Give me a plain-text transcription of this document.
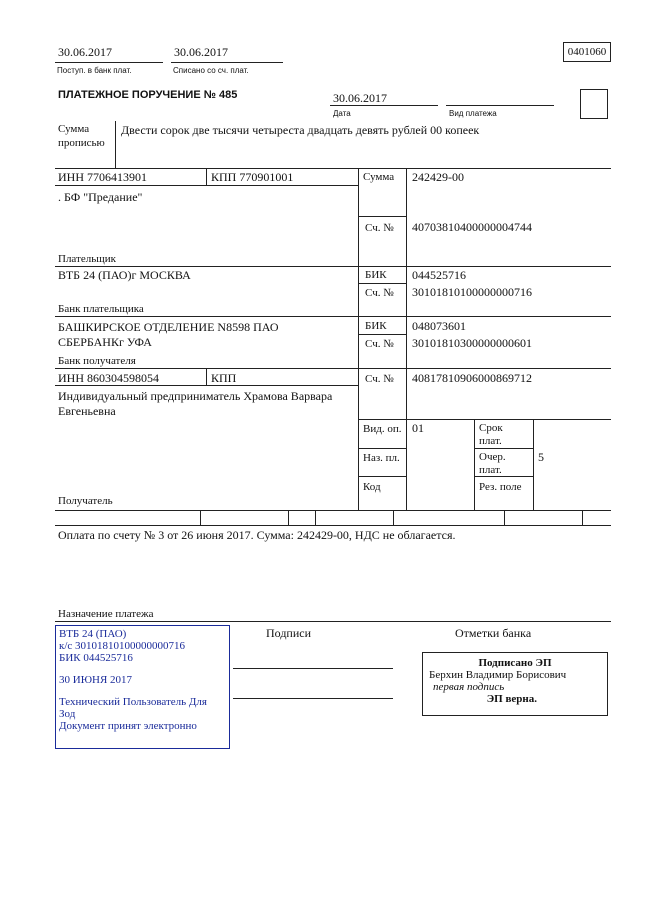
30.06.2017
Поступ. в банк плат.
30.06.2017
Списано со сч. плат.
0401060
ПЛАТЕЖНОЕ ПОРУЧЕНИЕ № 485	30.06.2017
Дата	Вид платежа
Сумма
прописью
Двести сорок две тысячи четыреста двадцать девять рублей 00 копеек
ИНН 7706413901	КПП 770901001
. БФ "Предание"
Плательщик
Сумма 242429-00
Сч. № 40703810400000004744
ВТБ 24 (ПАО)г МОСКВА
Банк плательщика
БИК 044525716
Сч. № 30101810100000000716
БАШКИРСКОЕ ОТДЕЛЕНИЕ N8598 ПАО
СБЕРБАНКг УФА
Банк получателя
БИК 048073601
Сч. № 30101810300000000601
ИНН 860304598054	КПП
Индивидуальный предприниматель Храмова Варвара
Евгеньевна
Получатель
Сч. № 40817810906000869712
Вид. оп. 01	Срок
плат.
Наз. пл.	Очер.
плат.
5
Код	Рез. поле
Оплата по счету № 3 от 26 июня 2017. Сумма: 242429-00, НДС не облагается.
Назначение платежа
ВТБ 24 (ПАО)
к/с 30101810100000000716
БИК 044525716
30 ИЮНЯ 2017
Технический Пользователь Для
Зод
Документ принят электронно
Подписи	Отметки банка
Подписано ЭП
Берхин Владимир Борисович
первая подпись
ЭП верна.
